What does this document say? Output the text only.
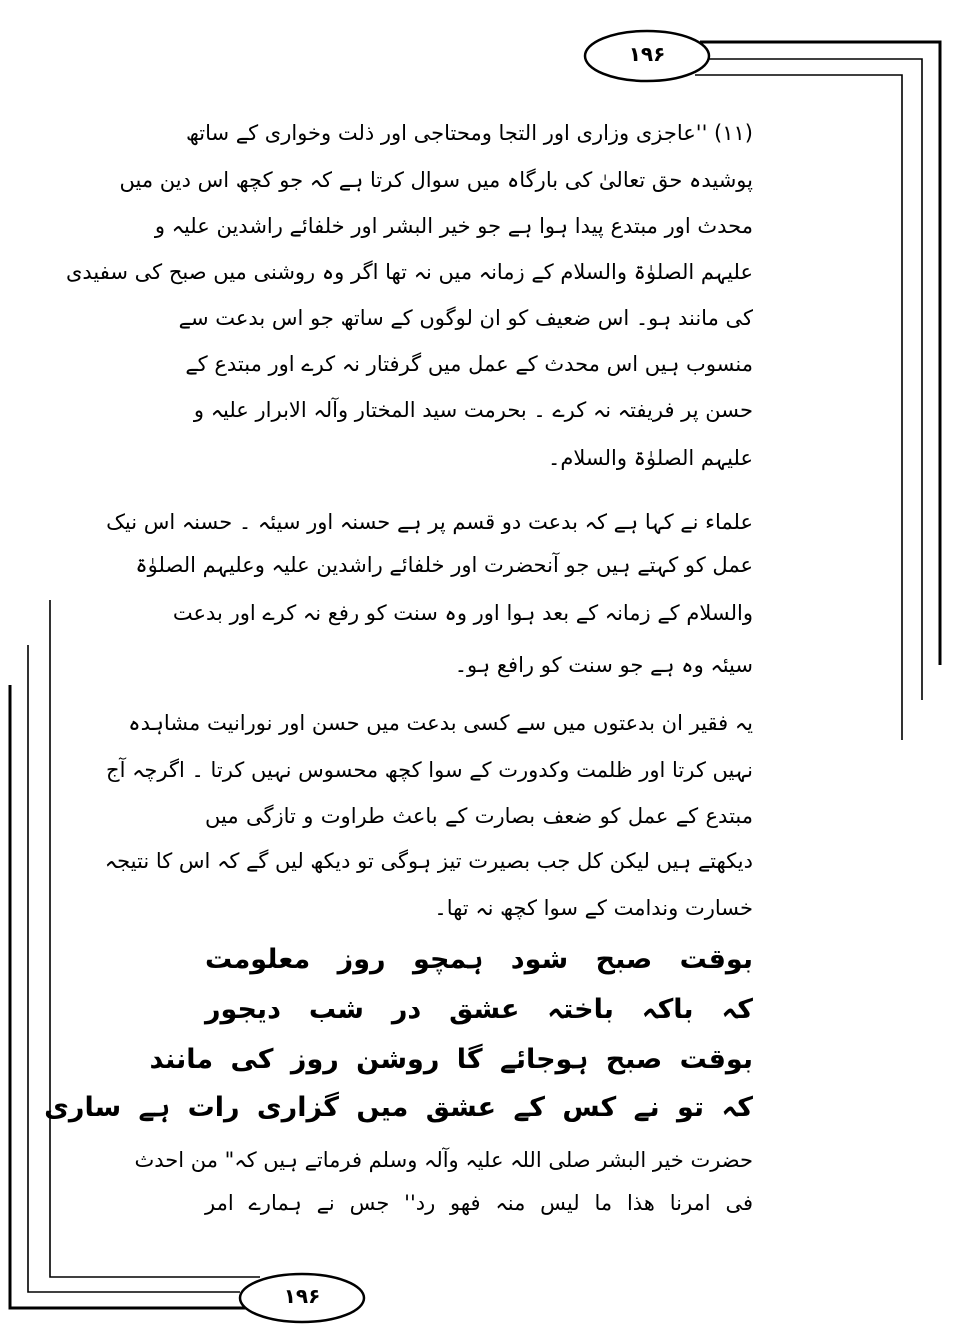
۱۹۶
۱۹۶
(۱۱) ''عاجزی وزاری اور التجا ومحتاجی اور ذلت وخواری کے ساتھ
پوشیدہ حق تعالیٰ کی بارگاہ میں سوال کرتا ہے کہ جو کچھ اس دین میں
محدث اور مبتدع پیدا ہوا ہے جو خیر البشر اور خلفائے راشدین علیہ و
علیہم الصلوٰۃ والسلام کے زمانہ میں نہ تھا اگر وہ روشنی میں صبح کی سفیدی
کی مانند ہو۔ اس ضعیف کو ان لوگوں کے ساتھ جو اس بدعت سے
منسوب ہیں اس محدث کے عمل میں گرفتار نہ کرے اور مبتدع کے
حسن پر فریفتہ نہ کرے ۔ بحرمت سید المختار وآلہ الابرار علیہ و
علیہم الصلوٰۃ والسلام۔
علماء نے کہا ہے کہ بدعت دو قسم پر ہے حسنہ اور سیئہ ۔ حسنہ اس نیک
عمل کو کہتے ہیں جو آنحضرت اور خلفائے راشدین علیہ وعلیہم الصلوٰۃ
والسلام کے زمانہ کے بعد ہوا اور وہ سنت کو رفع نہ کرے اور بدعت
سیئہ وہ ہے جو سنت کو رافع ہو۔
یہ فقیر ان بدعتوں میں سے کسی بدعت میں حسن اور نورانیت مشاہدہ
نہیں کرتا اور ظلمت وکدورت کے سوا کچھ محسوس نہیں کرتا ۔ اگرچہ آج
مبتدع کے عمل کو ضعف بصارت کے باعث طراوت و تازگی میں
دیکھتے ہیں لیکن کل جب بصیرت تیز ہوگی تو دیکھ لیں گے کہ اس کا نتیجہ
خسارت وندامت کے سوا کچھ نہ تھا۔
بوقت صبح شود ہمچو روز معلومت
کہ باکہ باختہ عشق در شب دیجور
بوقت صبح ہوجائے گا روشن روز کی مانند
کہ تو نے کس کے عشق میں گزاری رات ہے ساری
حضرت خیر البشر صلی اللہ علیہ وآلہ وسلم فرماتے ہیں کہ" من احدث
فی امرنا ھذا ما لیس منہ فھو رد'' جس نے ہمارے امر
